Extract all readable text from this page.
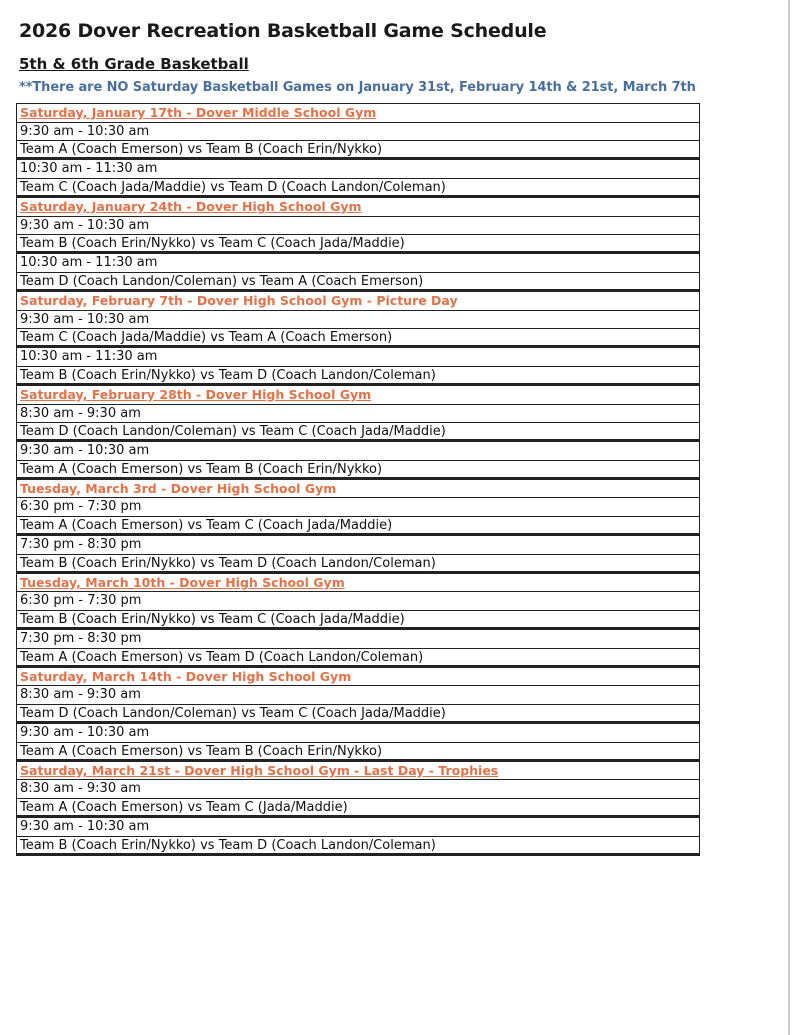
2026 Dover Recreation Basketball Game Schedule
5th & 6th Grade Basketball
**There are NO Saturday Basketball Games on January 31st, February 14th & 21st, March 7th
Saturday, January 17th - Dover Middle School Gym
9:30 am - 10:30 am
Team A (Coach Emerson) vs Team B (Coach Erin/Nykko)
10:30 am - 11:30 am
Team C (Coach Jada/Maddie) vs Team D (Coach Landon/Coleman)
Saturday, January 24th - Dover High School Gym
9:30 am - 10:30 am
Team B (Coach Erin/Nykko) vs Team C (Coach Jada/Maddie)
10:30 am - 11:30 am
Team D (Coach Landon/Coleman) vs Team A (Coach Emerson)
Saturday, February 7th - Dover High School Gym - Picture Day
9:30 am - 10:30 am
Team C (Coach Jada/Maddie) vs Team A (Coach Emerson)
10:30 am - 11:30 am
Team B (Coach Erin/Nykko) vs Team D (Coach Landon/Coleman)
Saturday, February 28th - Dover High School Gym
8:30 am - 9:30 am
Team D (Coach Landon/Coleman) vs Team C (Coach Jada/Maddie)
9:30 am - 10:30 am
Team A (Coach Emerson) vs Team B (Coach Erin/Nykko)
Tuesday, March 3rd - Dover High School Gym
6:30 pm - 7:30 pm
Team A (Coach Emerson) vs Team C (Coach Jada/Maddie)
7:30 pm - 8:30 pm
Team B (Coach Erin/Nykko) vs Team D (Coach Landon/Coleman)
Tuesday, March 10th - Dover High School Gym
6:30 pm - 7:30 pm
Team B (Coach Erin/Nykko) vs Team C (Coach Jada/Maddie)
7:30 pm - 8:30 pm
Team A (Coach Emerson) vs Team D (Coach Landon/Coleman)
Saturday, March 14th - Dover High School Gym
8:30 am - 9:30 am
Team D (Coach Landon/Coleman) vs Team C (Coach Jada/Maddie)
9:30 am - 10:30 am
Team A (Coach Emerson) vs Team B (Coach Erin/Nykko)
Saturday, March 21st - Dover High School Gym - Last Day - Trophies
8:30 am - 9:30 am
Team A (Coach Emerson) vs Team C (Jada/Maddie)
9:30 am - 10:30 am
Team B (Coach Erin/Nykko) vs Team D (Coach Landon/Coleman)
